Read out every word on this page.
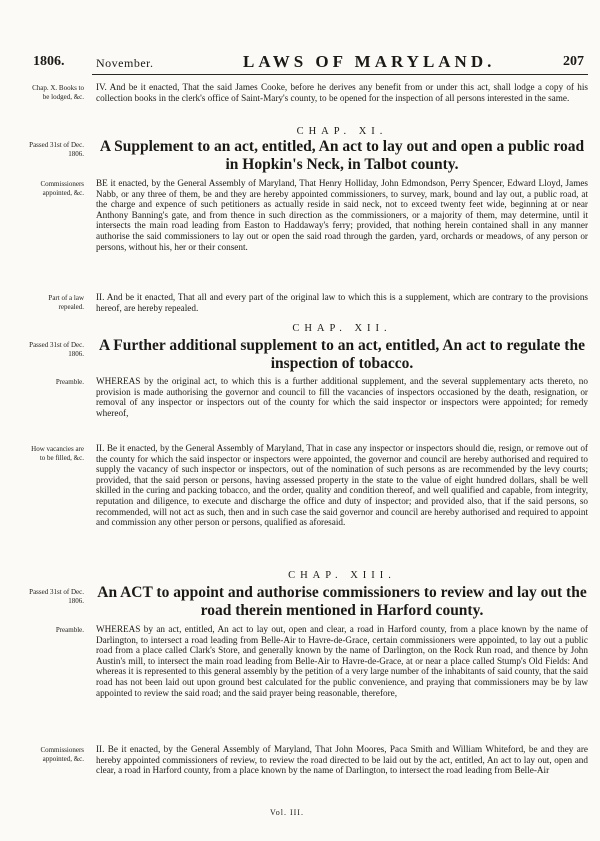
1806.	November.	LAWS OF MARYLAND.	207
Chap. X. Books to be lodged, &c.
IV. And be it enacted, That the said James Cooke, before he derives any benefit from or under this act, shall lodge a copy of his collection books in the clerk's office of Saint-Mary's county, to be opened for the inspection of all persons interested in the same.
CHAP. XI.
Passed 31st of Dec. 1806. A Supplement to an act, entitled, An act to lay out and open a public road in Hopkin's Neck, in Talbot county.
Commissioners appointed, &c.
BE it enacted, by the General Assembly of Maryland, That Henry Holliday, John Edmondson, Perry Spencer, Edward Lloyd, James Nabb, or any three of them, be and they are hereby appointed commissioners, to survey, mark, bound and lay out, a public road, at the charge and expence of such petitioners as actually reside in said neck, not to exceed twenty feet wide, beginning at or near Anthony Banning's gate, and from thence in such direction as the commissioners, or a majority of them, may determine, until it intersects the main road leading from Easton to Haddaway's ferry; provided, that nothing herein contained shall in any manner authorise the said commissioners to lay out or open the said road through the garden, yard, orchards or meadows, of any person or persons, without his, her or their consent.
Part of a law repealed.
II. And be it enacted, That all and every part of the original law to which this is a supplement, which are contrary to the provisions hereof, are hereby repealed.
CHAP. XII.
Passed 31st of Dec. 1806. A Further additional supplement to an act, entitled, An act to regulate the inspection of tobacco.
Preamble. WHEREAS by the original act, to which this is a further additional supplement, and the several supplementary acts thereto, no provision is made authorising the governor and council to fill the vacancies of inspectors occasioned by the death, resignation, or removal of any inspector or inspectors out of the county for which the said inspector or inspectors were appointed; for remedy whereof,
How vacancies are to be filled, &c.
II. Be it enacted, by the General Assembly of Maryland, That in case any inspector or inspectors should die, resign, or remove out of the county for which the said inspector or inspectors were appointed, the governor and council are hereby authorised and required to supply the vacancy of such inspector or inspectors, out of the nomination of such persons as are recommended by the levy courts; provided, that the said person or persons, having assessed property in the state to the value of eight hundred dollars, shall be well skilled in the curing and packing tobacco, and the order, quality and condition thereof, and well qualified and capable, from integrity, reputation and diligence, to execute and discharge the office and duty of inspector; and provided also, that if the said persons, so recommended, will not act as such, then and in such case the said governor and council are hereby authorised and required to appoint and commission any other person or persons, qualified as aforesaid.
CHAP. XIII.
Passed 31st of Dec. 1806. An ACT to appoint and authorise commissioners to review and lay out the road therein mentioned in Harford county.
Preamble. WHEREAS by an act, entitled, An act to lay out, open and clear, a road in Harford county, from a place known by the name of Darlington, to intersect a road leading from Belle-Air to Havre-de-Grace, certain commissioners were appointed, to lay out a public road from a place called Clark's Store, and generally known by the name of Darlington, on the Rock Run road, and thence by John Austin's mill, to intersect the main road leading from Belle-Air to Havre-de-Grace, at or near a place called Stump's Old Fields: And whereas it is represented to this general assembly by the petition of a very large number of the inhabitants of said county, that the said road has not been laid out upon ground best calculated for the public convenience, and praying that commissioners may be by law appointed to review the said road; and the said prayer being reasonable, therefore,
Commissioners appointed, &c.
II. Be it enacted, by the General Assembly of Maryland, That John Moores, Paca Smith and William Whiteford, be and they are hereby appointed commissioners of review, to review the road directed to be laid out by the act, entitled, An act to lay out, open and clear, a road in Harford county, from a place known by the name of Darlington, to intersect the road leading from Belle-Air
Vol. III.
